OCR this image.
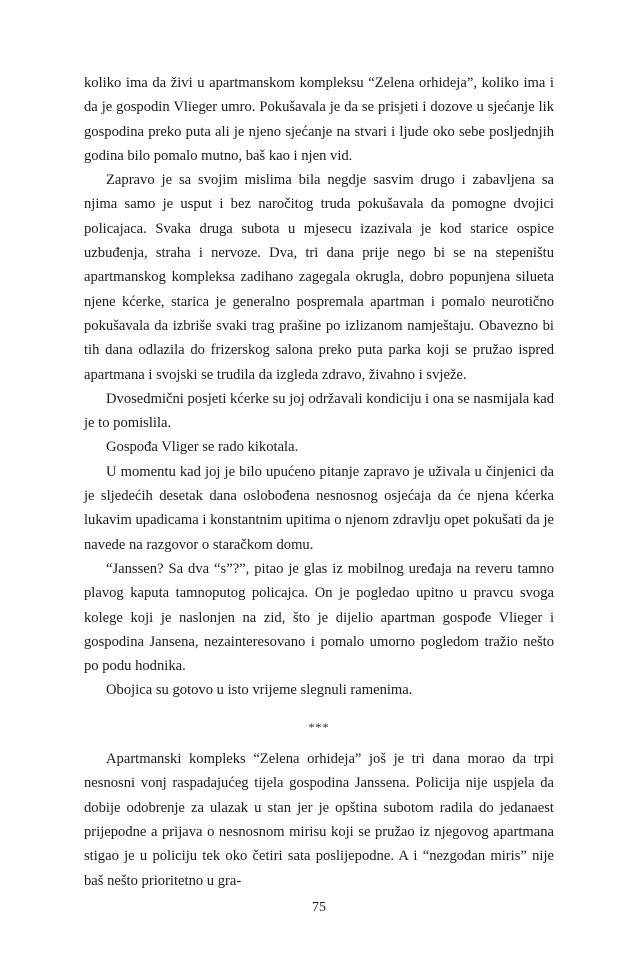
koliko ima da živi u apartmanskom kompleksu “Zelena orhideja”, koliko ima i da je gospodin Vlieger umro. Pokušavala je da se prisjeti i dozove u sjećanje lik gospodina preko puta ali je njeno sjećanje na stvari i ljude oko sebe posljednjih godina bilo pomalo mutno, baš kao i njen vid.

Zapravo je sa svojim mislima bila negdje sasvim drugo i zabavljena sa njima samo je usput i bez naročitog truda pokušavala da pomogne dvojici policajaca. Svaka druga subota u mjesecu izazivala je kod starice ospice uzbuđenja, straha i nervoze. Dva, tri dana prije nego bi se na stepeništu apartmanskog kompleksa zadihano zagegala okrugla, dobro popunjena silueta njene kćerke, starica je generalno pospremala apartman i pomalo neurotično pokušavala da izbriše svaki trag prašine po izlizanom namještaju. Obavezno bi tih dana odlazila do frizerskog salona preko puta parka koji se pružao ispred apartmana i svojski se trudila da izgleda zdravo, živahno i svježe.

Dvosedmični posjeti kćerke su joj održavali kondiciju i ona se nasmijala kad je to pomislila.

Gospođa Vliger se rado kikotala.

U momentu kad joj je bilo upućeno pitanje zapravo je uživala u činjenici da je sljedećih desetak dana oslobođena nesnosnog osjećaja da će njena kćerka lukavim upadicama i konstantnim upitima o njenom zdravlju opet pokušati da je navede na razgovor o staračkom domu.

“Janssen? Sa dva “s”?”, pitao je glas iz mobilnog uređaja na reveru tamno plavog kaputa tamnoputog policajca. On je pogledao upitno u pravcu svoga kolege koji je naslonjen na zid, što je dijelio apartman gospođe Vlieger i gospodina Jansena, nezainteresovano i pomalo umorno pogledom tražio nešto po podu hodnika.

Obojica su gotovo u isto vrijeme slegnuli ramenima.

***

Apartmanski kompleks “Zelena orhideja” još je tri dana morao da trpi nesnosni vonj raspadajućeg tijela gospodina Janssena. Policija nije uspjela da dobije odobrenje za ulazak u stan jer je opština subotom radila do jedanaest prijepodne a prijava o nesnosnom mirisu koji se pružao iz njegovog apartmana stigao je u policiju tek oko četiri sata poslijepodne. A i “nezgodan miris” nije baš nešto prioritetno u gra-

75
